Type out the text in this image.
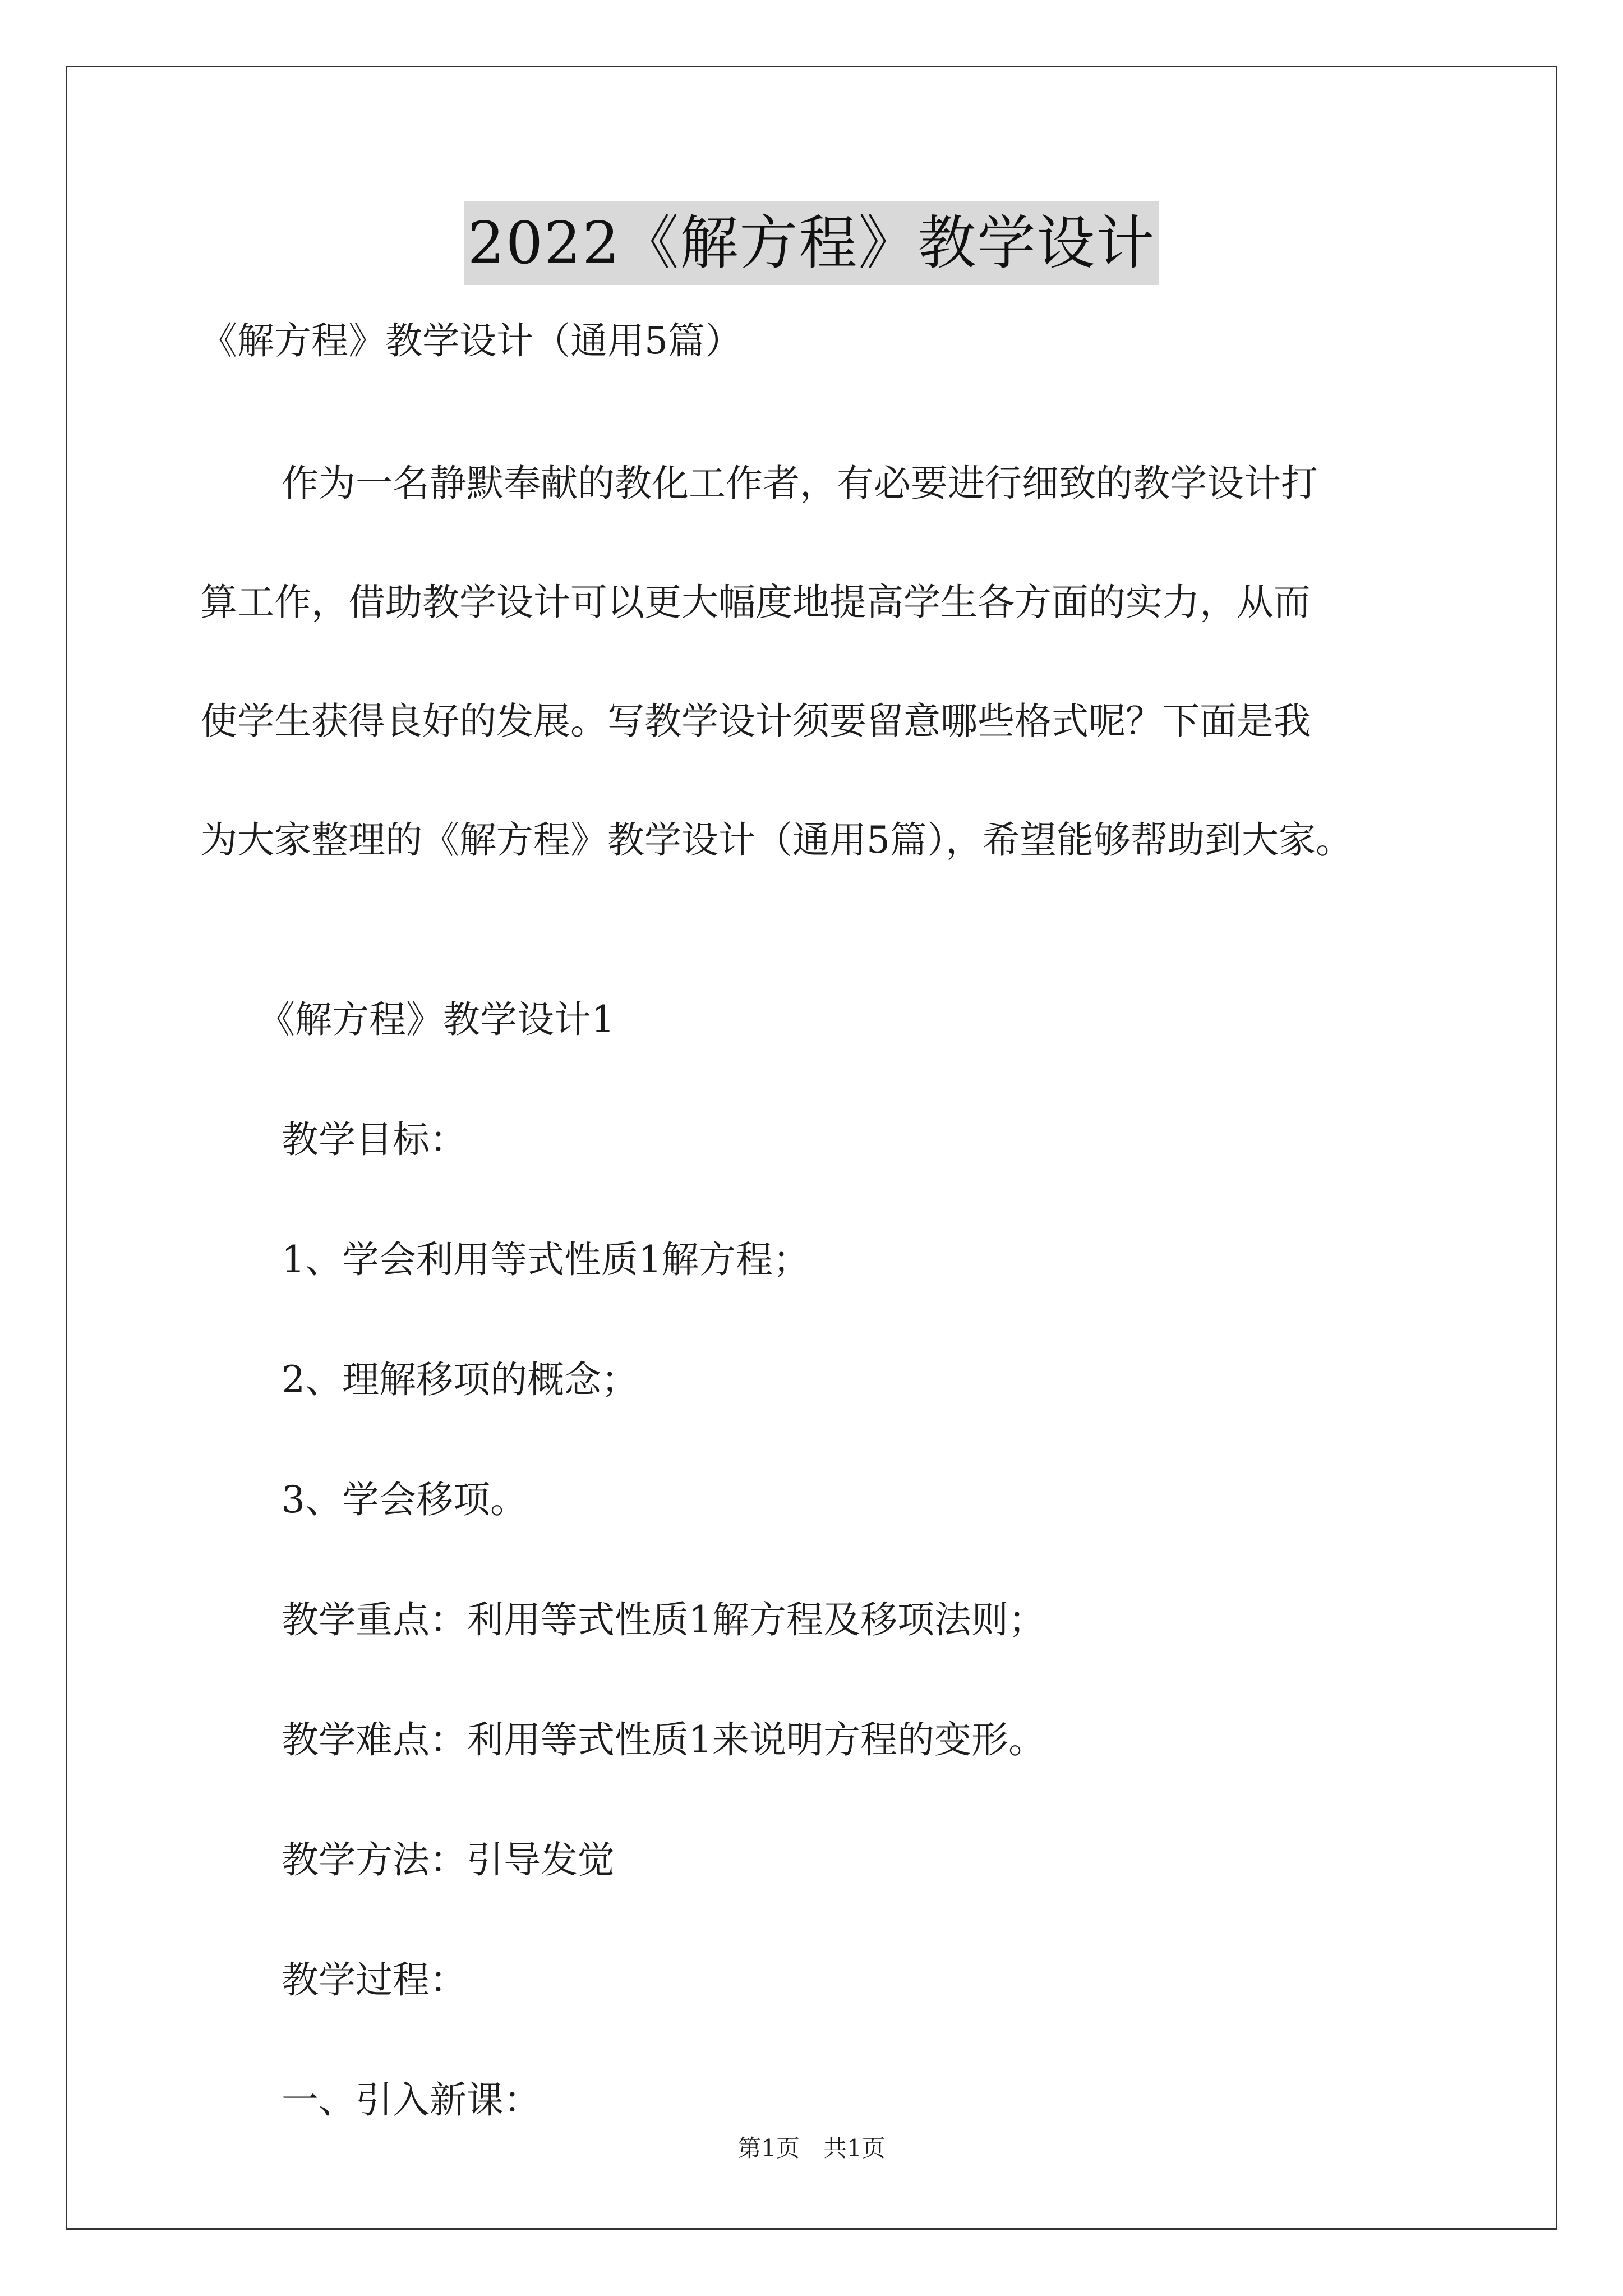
2022《解方程》教学设计
《解方程》教学设计（通用5篇）
作为一名静默奉献的教化工作者，有必要进行细致的教学设计打
算工作，借助教学设计可以更大幅度地提高学生各方面的实力，从而
使学生获得良好的发展。写教学设计须要留意哪些格式呢？下面是我
为大家整理的《解方程》教学设计（通用5篇），希望能够帮助到大家。
《解方程》教学设计1
教学目标：
1、学会利用等式性质1解方程；
2、理解移项的概念；
3、学会移项。
教学重点：利用等式性质1解方程及移项法则；
教学难点：利用等式性质1来说明方程的变形。
教学方法：引导发觉
教学过程：
一、引入新课：
第1页　共1页
